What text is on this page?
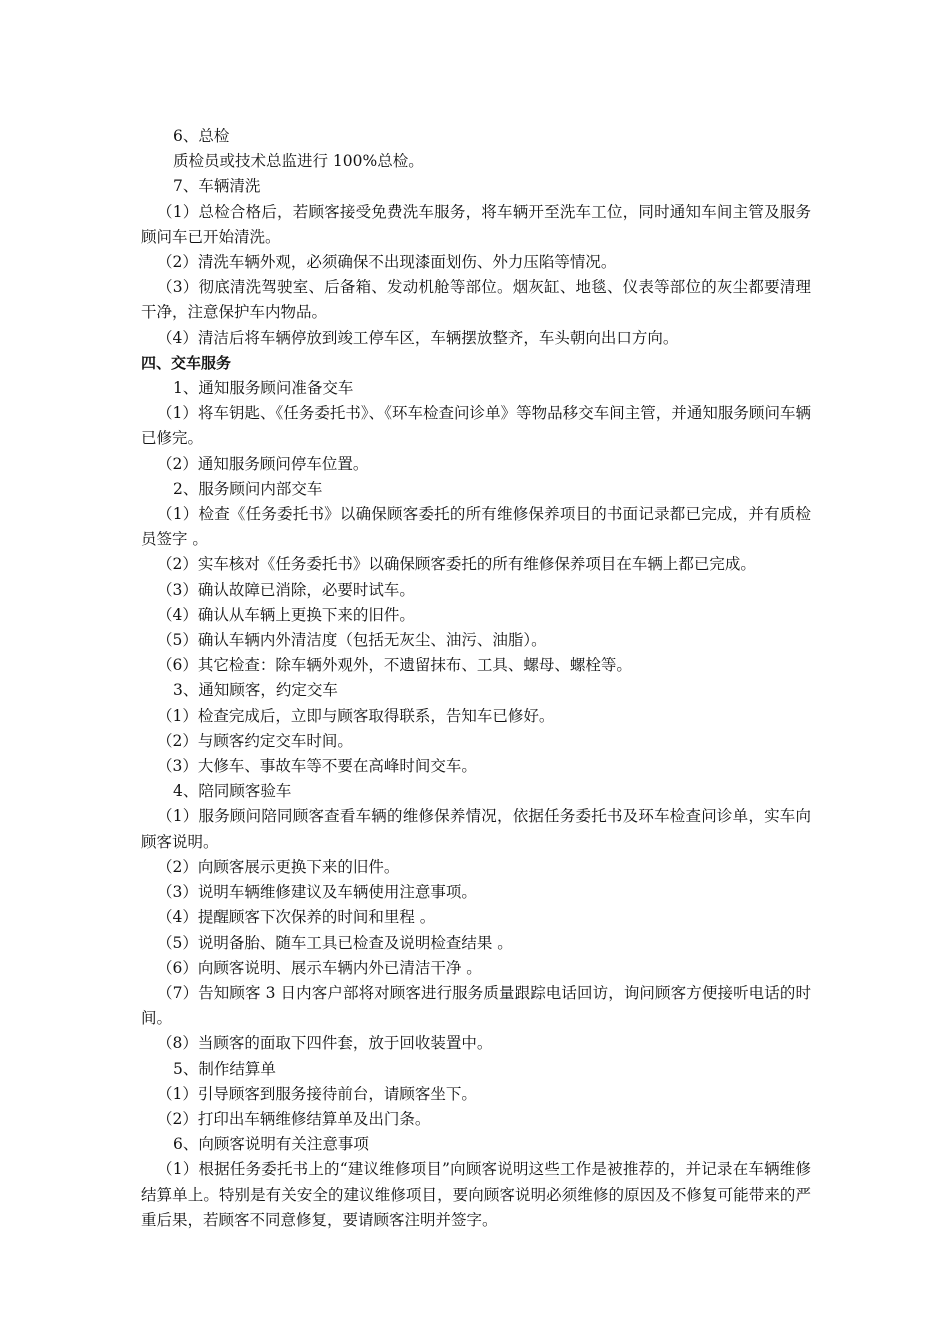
6、总检

质检员或技术总监进行 100%总检。

7、车辆清洗

（1）总检合格后，若顾客接受免费洗车服务，将车辆开至洗车工位，同时通知车间主管及服务顾问车已开始清洗。

（2）清洗车辆外观，必须确保不出现漆面划伤、外力压陷等情况。

（3）彻底清洗驾驶室、后备箱、发动机舱等部位。烟灰缸、地毯、仪表等部位的灰尘都要清理干净，注意保护车内物品。

（4）清洁后将车辆停放到竣工停车区，车辆摆放整齐，车头朝向出口方向。

四、交车服务

1、通知服务顾问准备交车

（1）将车钥匙、《任务委托书》、《环车检查问诊单》等物品移交车间主管，并通知服务顾问车辆已修完。

（2）通知服务顾问停车位置。

2、服务顾问内部交车

（1）检查《任务委托书》以确保顾客委托的所有维修保养项目的书面记录都已完成，并有质检员签字 。

（2）实车核对《任务委托书》以确保顾客委托的所有维修保养项目在车辆上都已完成。

（3）确认故障已消除，必要时试车。

（4）确认从车辆上更换下来的旧件。

（5）确认车辆内外清洁度（包括无灰尘、油污、油脂）。

（6）其它检查：除车辆外观外，不遗留抹布、工具、螺母、螺栓等。

3、通知顾客，约定交车

（1）检查完成后，立即与顾客取得联系，告知车已修好。

（2）与顾客约定交车时间。

（3）大修车、事故车等不要在高峰时间交车。

4、陪同顾客验车

（1）服务顾问陪同顾客查看车辆的维修保养情况，依据任务委托书及环车检查问诊单，实车向顾客说明。

（2）向顾客展示更换下来的旧件。

（3）说明车辆维修建议及车辆使用注意事项。

（4）提醒顾客下次保养的时间和里程 。

（5）说明备胎、随车工具已检查及说明检查结果 。

（6）向顾客说明、展示车辆内外已清洁干净 。

（7）告知顾客 3 日内客户部将对顾客进行服务质量跟踪电话回访，询问顾客方便接听电话的时间。

（8）当顾客的面取下四件套，放于回收装置中。

5、制作结算单

（1）引导顾客到服务接待前台，请顾客坐下。

（2）打印出车辆维修结算单及出门条。

6、向顾客说明有关注意事项

（1）根据任务委托书上的“建议维修项目”向顾客说明这些工作是被推荐的，并记录在车辆维修结算单上。特别是有关安全的建议维修项目，要向顾客说明必须维修的原因及不修复可能带来的严重后果，若顾客不同意修复，要请顾客注明并签字。
